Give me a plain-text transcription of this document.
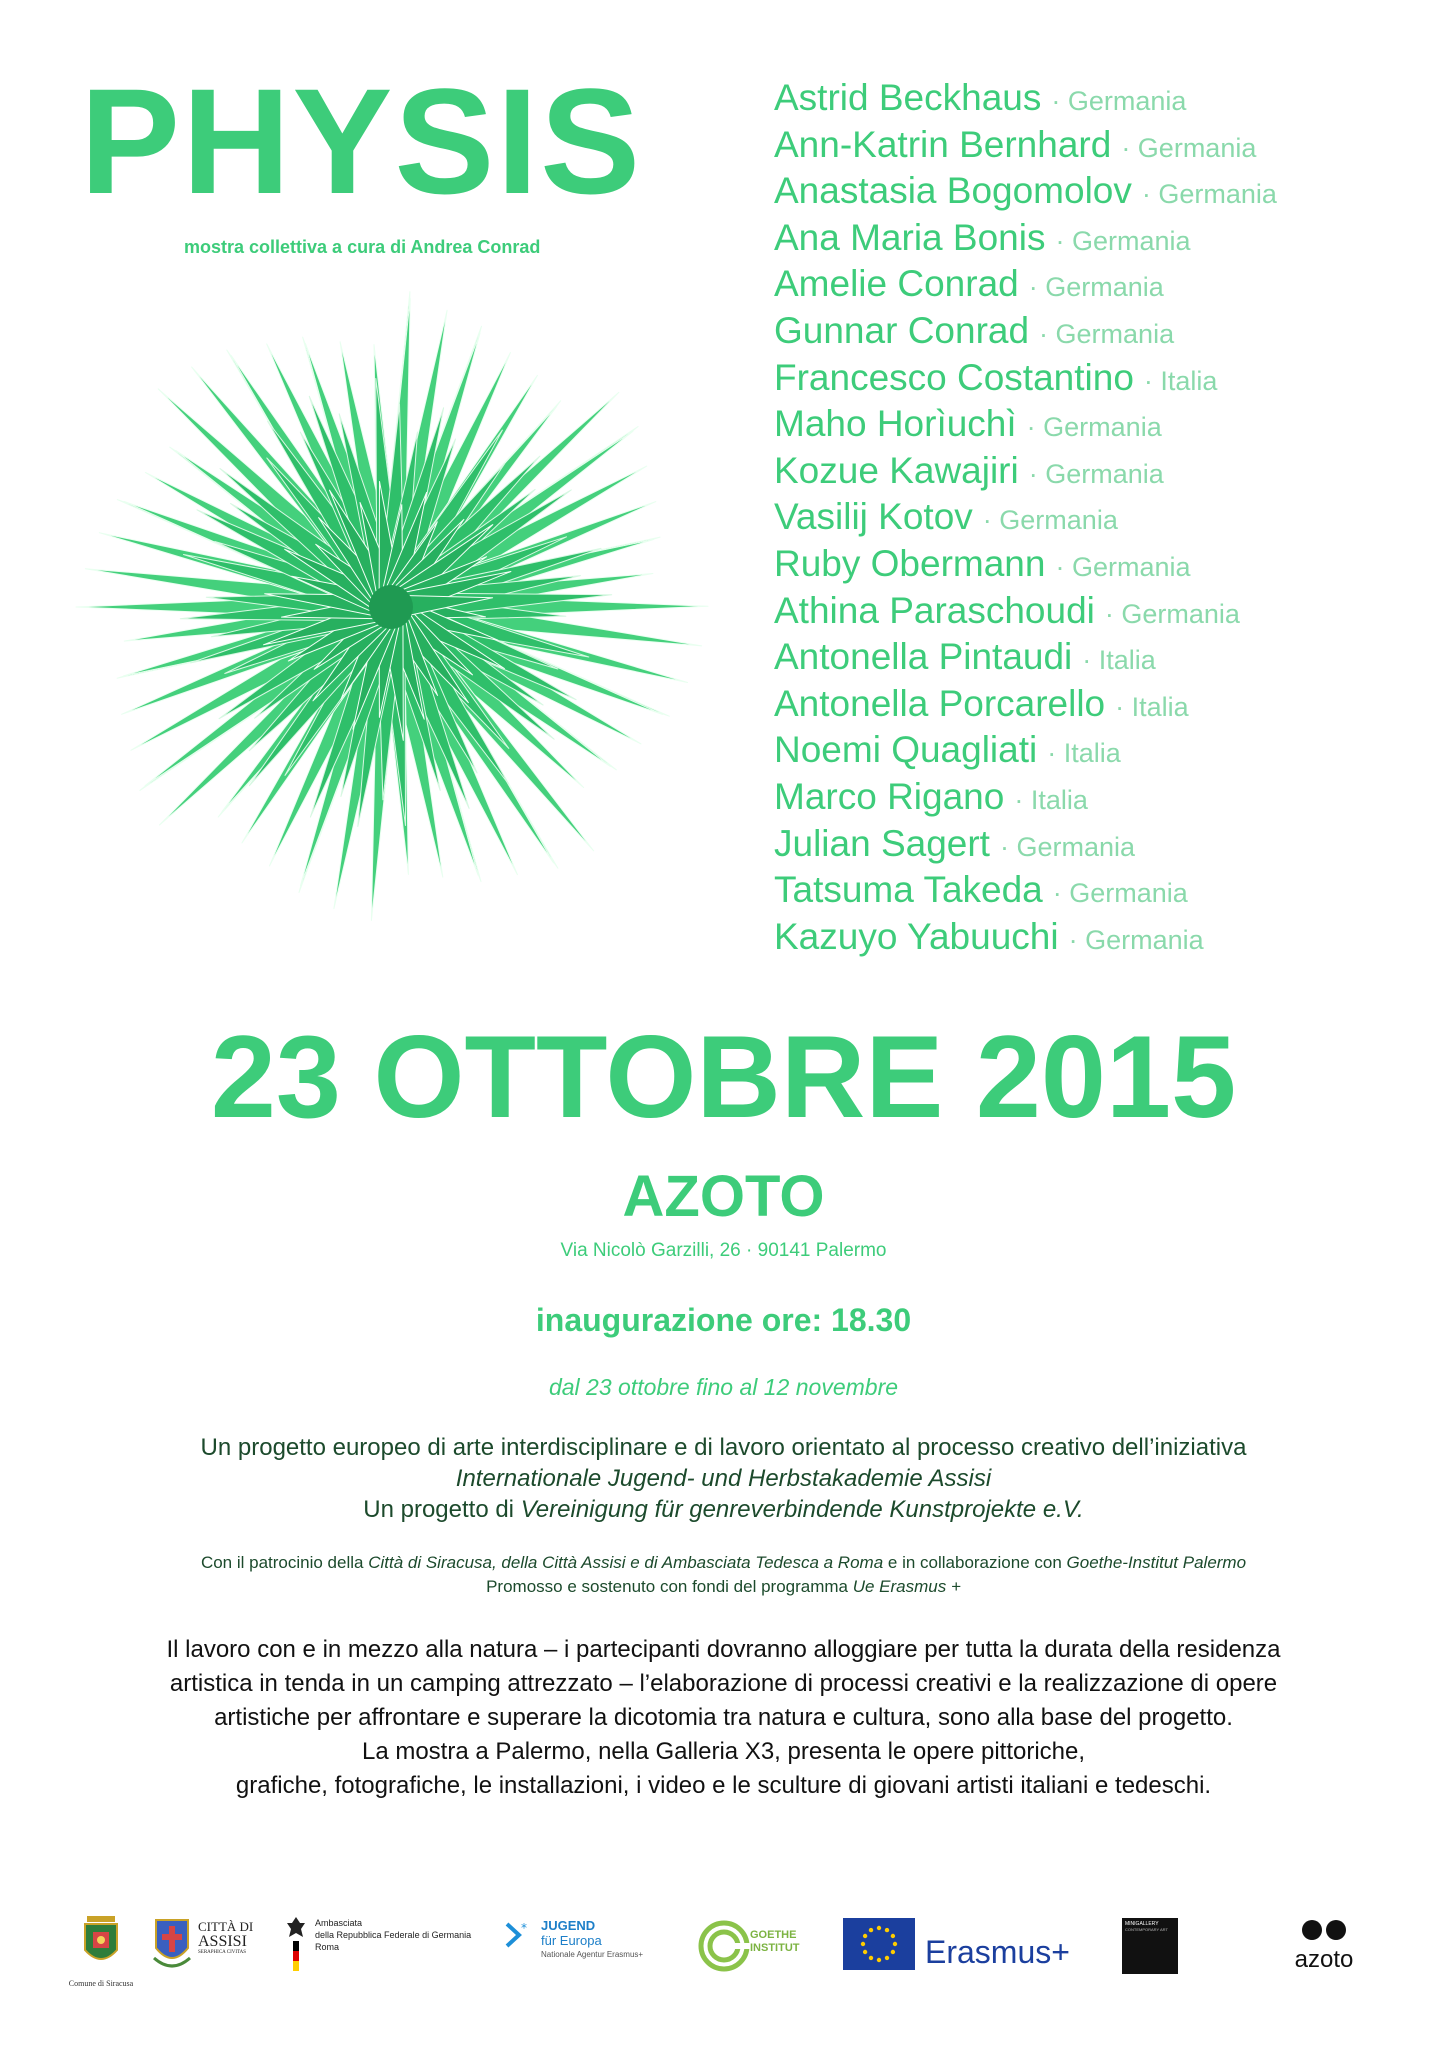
PHYSIS
mostra collettiva a cura di Andrea Conrad
Astrid Beckhaus · Germania
Ann-Katrin Bernhard · Germania
Anastasia Bogomolov · Germania
Ana Maria Bonis · Germania
Amelie Conrad · Germania
Gunnar Conrad · Germania
Francesco Costantino · Italia
Maho Horìuchì · Germania
Kozue Kawajiri · Germania
Vasilij Kotov · Germania
Ruby Obermann · Germania
Athina Paraschoudi · Germania
Antonella Pintaudi · Italia
Antonella Porcarello · Italia
Noemi Quagliati · Italia
Marco Rigano · Italia
Julian Sagert · Germania
Tatsuma Takeda · Germania
Kazuyo Yabuuchi · Germania
23 OTTOBRE 2015
AZOTO
Via Nicolò Garzilli, 26 · 90141 Palermo
inaugurazione ore: 18.30
dal 23 ottobre fino al 12 novembre
Un progetto europeo di arte interdisciplinare e di lavoro orientato al processo creativo dell’iniziativa
Internationale Jugend- und Herbstakademie Assisi
Un progetto di Vereinigung für genreverbindende Kunstprojekte e.V.
Con il patrocinio della Città di Siracusa, della Città Assisi e di Ambasciata Tedesca a Roma e in collaborazione con Goethe-Institut Palermo
Promosso e sostenuto con fondi del programma Ue Erasmus +
Il lavoro con e in mezzo alla natura – i partecipanti dovranno alloggiare per tutta la durata della residenza
artistica in tenda in un camping attrezzato – l’elaborazione di processi creativi e la realizzazione di opere
artistiche per affrontare e superare la dicotomia tra natura e cultura, sono alla base del progetto.
La mostra a Palermo, nella Galleria X3, presenta le opere pittoriche,
grafiche, fotografiche, le installazioni, i video e le sculture di giovani artisti italiani e tedeschi.
Comune di Siracusa
CITTÀ DI
ASSISI
SERAPHICA CIVITAS
Ambasciata
della Repubblica Federale di Germania
Roma
* JUGEND
für Europa
Nationale Agentur Erasmus+
GOETHE
INSTITUT	Erasmus+
MINIGALLERY
CONTEMPORARY ART
azoto
